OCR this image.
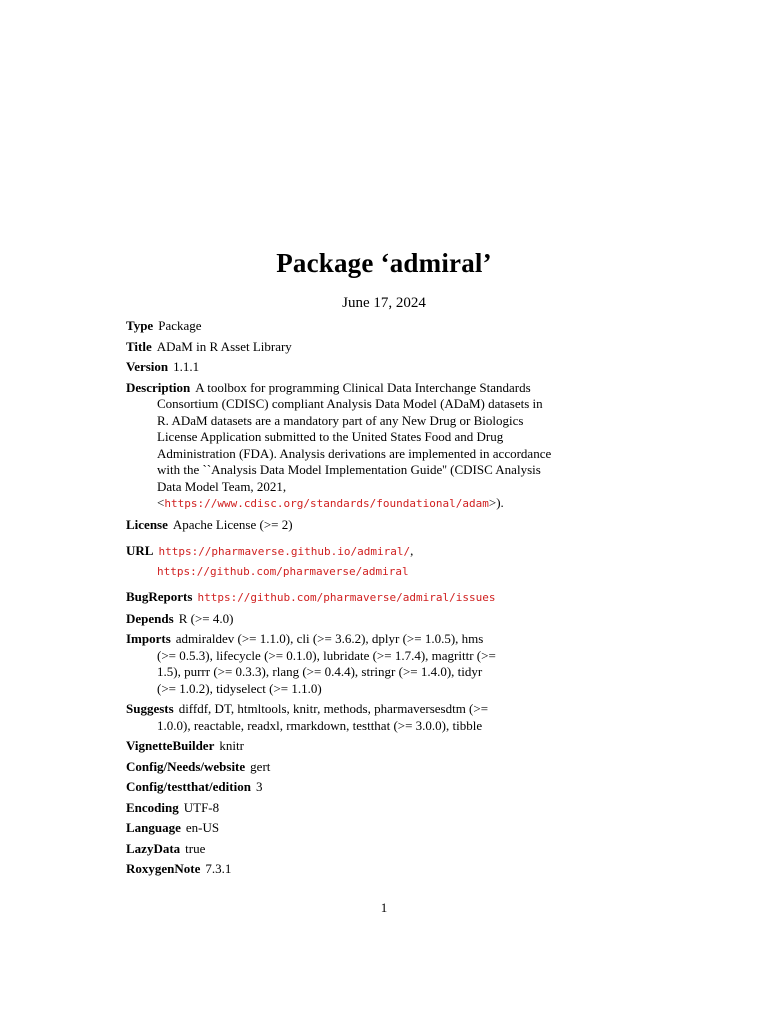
Package ‘admiral’
June 17, 2024

Type Package

Title ADaM in R Asset Library

Version 1.1.1

Description A toolbox for programming Clinical Data Interchange Standards Consortium (CDISC) compliant Analysis Data Model (ADaM) datasets in R. ADaM datasets are a mandatory part of any New Drug or Biologics License Application submitted to the United States Food and Drug Administration (FDA). Analysis derivations are implemented in accordance with the ``Analysis Data Model Implementation Guide'' (CDISC Analysis Data Model Team, 2021,
<https://www.cdisc.org/standards/foundational/adam>).

License Apache License (>= 2)

URL https://pharmaverse.github.io/admiral/,
https://github.com/pharmaverse/admiral

BugReports https://github.com/pharmaverse/admiral/issues

Depends R (>= 4.0)

Imports admiraldev (>= 1.1.0), cli (>= 3.6.2), dplyr (>= 1.0.5), hms (>= 0.5.3), lifecycle (>= 0.1.0), lubridate (>= 1.7.4), magrittr (>= 1.5), purrr (>= 0.3.3), rlang (>= 0.4.4), stringr (>= 1.4.0), tidyr (>= 1.0.2), tidyselect (>= 1.1.0)

Suggests diffdf, DT, htmltools, knitr, methods, pharmaversesdtm (>= 1.0.0), reactable, readxl, rmarkdown, testthat (>= 3.0.0), tibble

VignetteBuilder knitr

Config/Needs/website gert

Config/testthat/edition 3

Encoding UTF-8

Language en-US

LazyData true

RoxygenNote 7.3.1

1
